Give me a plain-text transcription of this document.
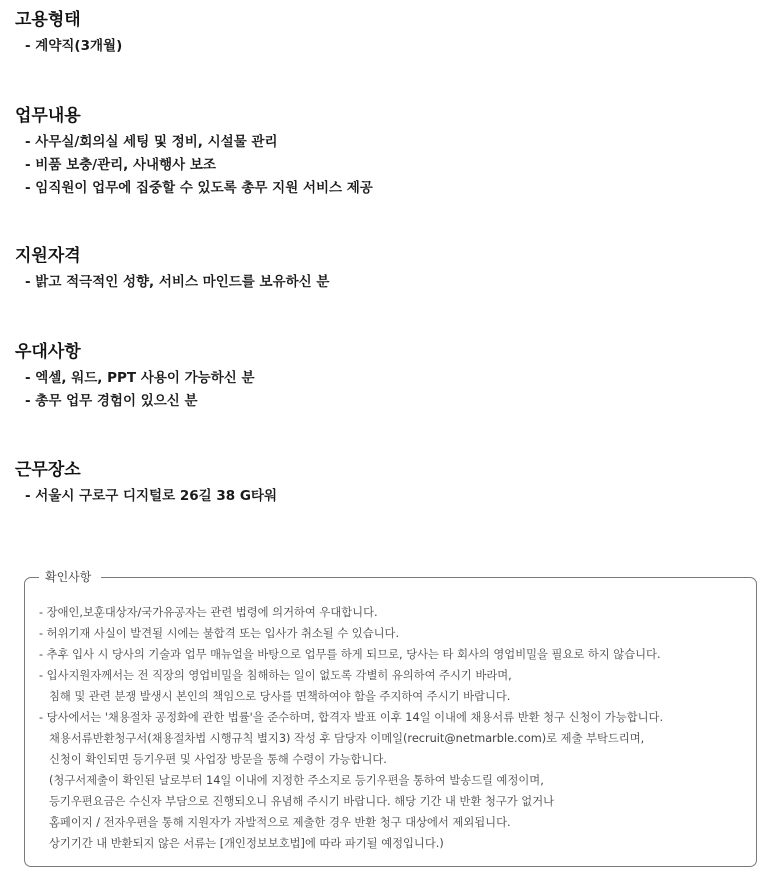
고용형태
- 계약직(3개월)
업무내용
- 사무실/회의실 세팅 및 정비, 시설물 관리
- 비품 보충/관리, 사내행사 보조
- 임직원이 업무에 집중할 수 있도록 총무 지원 서비스 제공
지원자격
- 밝고 적극적인 성향, 서비스 마인드를 보유하신 분
우대사항
- 엑셀, 워드, PPT 사용이 가능하신 분
- 총무 업무 경험이 있으신 분
근무장소
- 서울시 구로구 디지털로 26길 38 G타워
확인사항
- 장애인,보훈대상자/국가유공자는 관련 법령에 의거하여 우대합니다.
- 허위기재 사실이 발견될 시에는 불합격 또는 입사가 취소될 수 있습니다.
- 추후 입사 시 당사의 기술과 업무 매뉴얼을 바탕으로 업무를 하게 되므로, 당사는 타 회사의 영업비밀을 필요로 하지 않습니다.
- 입사지원자께서는 전 직장의 영업비밀을 침해하는 일이 없도록 각별히 유의하여 주시기 바라며,
침해 및 관련 분쟁 발생시 본인의 책임으로 당사를 면책하여야 함을 주지하여 주시기 바랍니다.
- 당사에서는 '채용절차 공정화에 관한 법률'을 준수하며, 합격자 발표 이후 14일 이내에 채용서류 반환 청구 신청이 가능합니다.
채용서류반환청구서(채용절차법 시행규칙 별지3) 작성 후 담당자 이메일(recruit@netmarble.com)로 제출 부탁드리며,
신청이 확인되면 등기우편 및 사업장 방문을 통해 수령이 가능합니다.
(청구서제출이 확인된 날로부터 14일 이내에 지정한 주소지로 등기우편을 통하여 발송드릴 예정이며,
등기우편요금은 수신자 부담으로 진행되오니 유념해 주시기 바랍니다. 해당 기간 내 반환 청구가 없거나
홈페이지 / 전자우편을 통해 지원자가 자발적으로 제출한 경우 반환 청구 대상에서 제외됩니다.
상기기간 내 반환되지 않은 서류는 [개인정보보호법]에 따라 파기될 예정입니다.)
